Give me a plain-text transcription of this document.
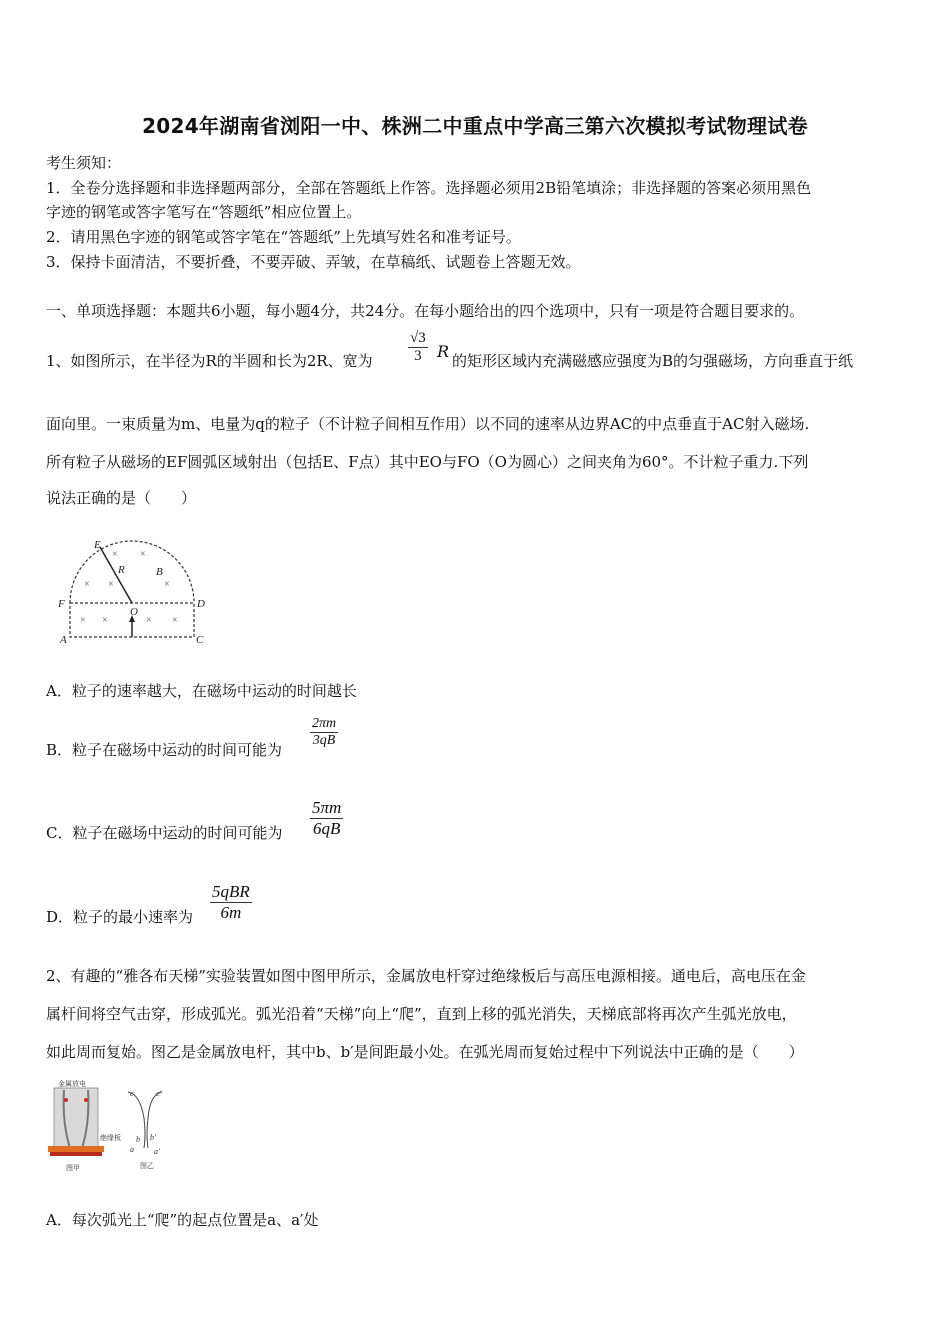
2024年湖南省浏阳一中、株洲二中重点中学高三第六次模拟考试物理试卷
考生须知：
1．全卷分选择题和非选择题两部分，全部在答题纸上作答。选择题必须用2B铅笔填涂；非选择题的答案必须用黑色
字迹的钢笔或答字笔写在“答题纸”相应位置上。
2．请用黑色字迹的钢笔或答字笔在“答题纸”上先填写姓名和准考证号。
3．保持卡面清洁，不要折叠，不要弄破、弄皱，在草稿纸、试题卷上答题无效。
一、单项选择题：本题共6小题，每小题4分，共24分。在每小题给出的四个选项中，只有一项是符合题目要求的。
1、如图所示，在半径为R的半圆和长为2R、宽为 $\frac{√3}{3}$ R 的矩形区域内充满磁感应强度为B的匀强磁场，方向垂直于纸
面向里。一束质量为m、电量为q的粒子（不计粒子间相互作用）以不同的速率从边界AC的中点垂直于AC射入磁场.
所有粒子从磁场的EF圆弧区域射出（包括E、F点）其中EO与FO（O为圆心）之间夹角为60°。不计粒子重力.下列
说法正确的是（　　）
× ×
× ×	×
× ×	× ×
E
R	B
F
O
D
A	C
A．粒子的速率越大，在磁场中运动的时间越长
B．粒子在磁场中运动的时间可能为
$\frac{2\pi m}{3qB}$
C．粒子在磁场中运动的时间可能为 $\frac{5\pi m}{6qB}$
D．粒子的最小速率为
5qBR
6m
2、有趣的“雅各布天梯”实验装置如图中图甲所示，金属放电杆穿过绝缘板后与高压电源相接。通电后，高电压在金
属杆间将空气击穿，形成弧光。弧光沿着“天梯”向上“爬”，直到上移的弧光消失，天梯底部将再次产生弧光放电，
如此周而复始。图乙是金属放电杆，其中b、b′是间距最小处。在弧光周而复始过程中下列说法中正确的是（　　）
金属放电
绝缘板
图甲
c	c′
b b′
a	a′
图乙
A．每次弧光上“爬”的起点位置是a、a′处
